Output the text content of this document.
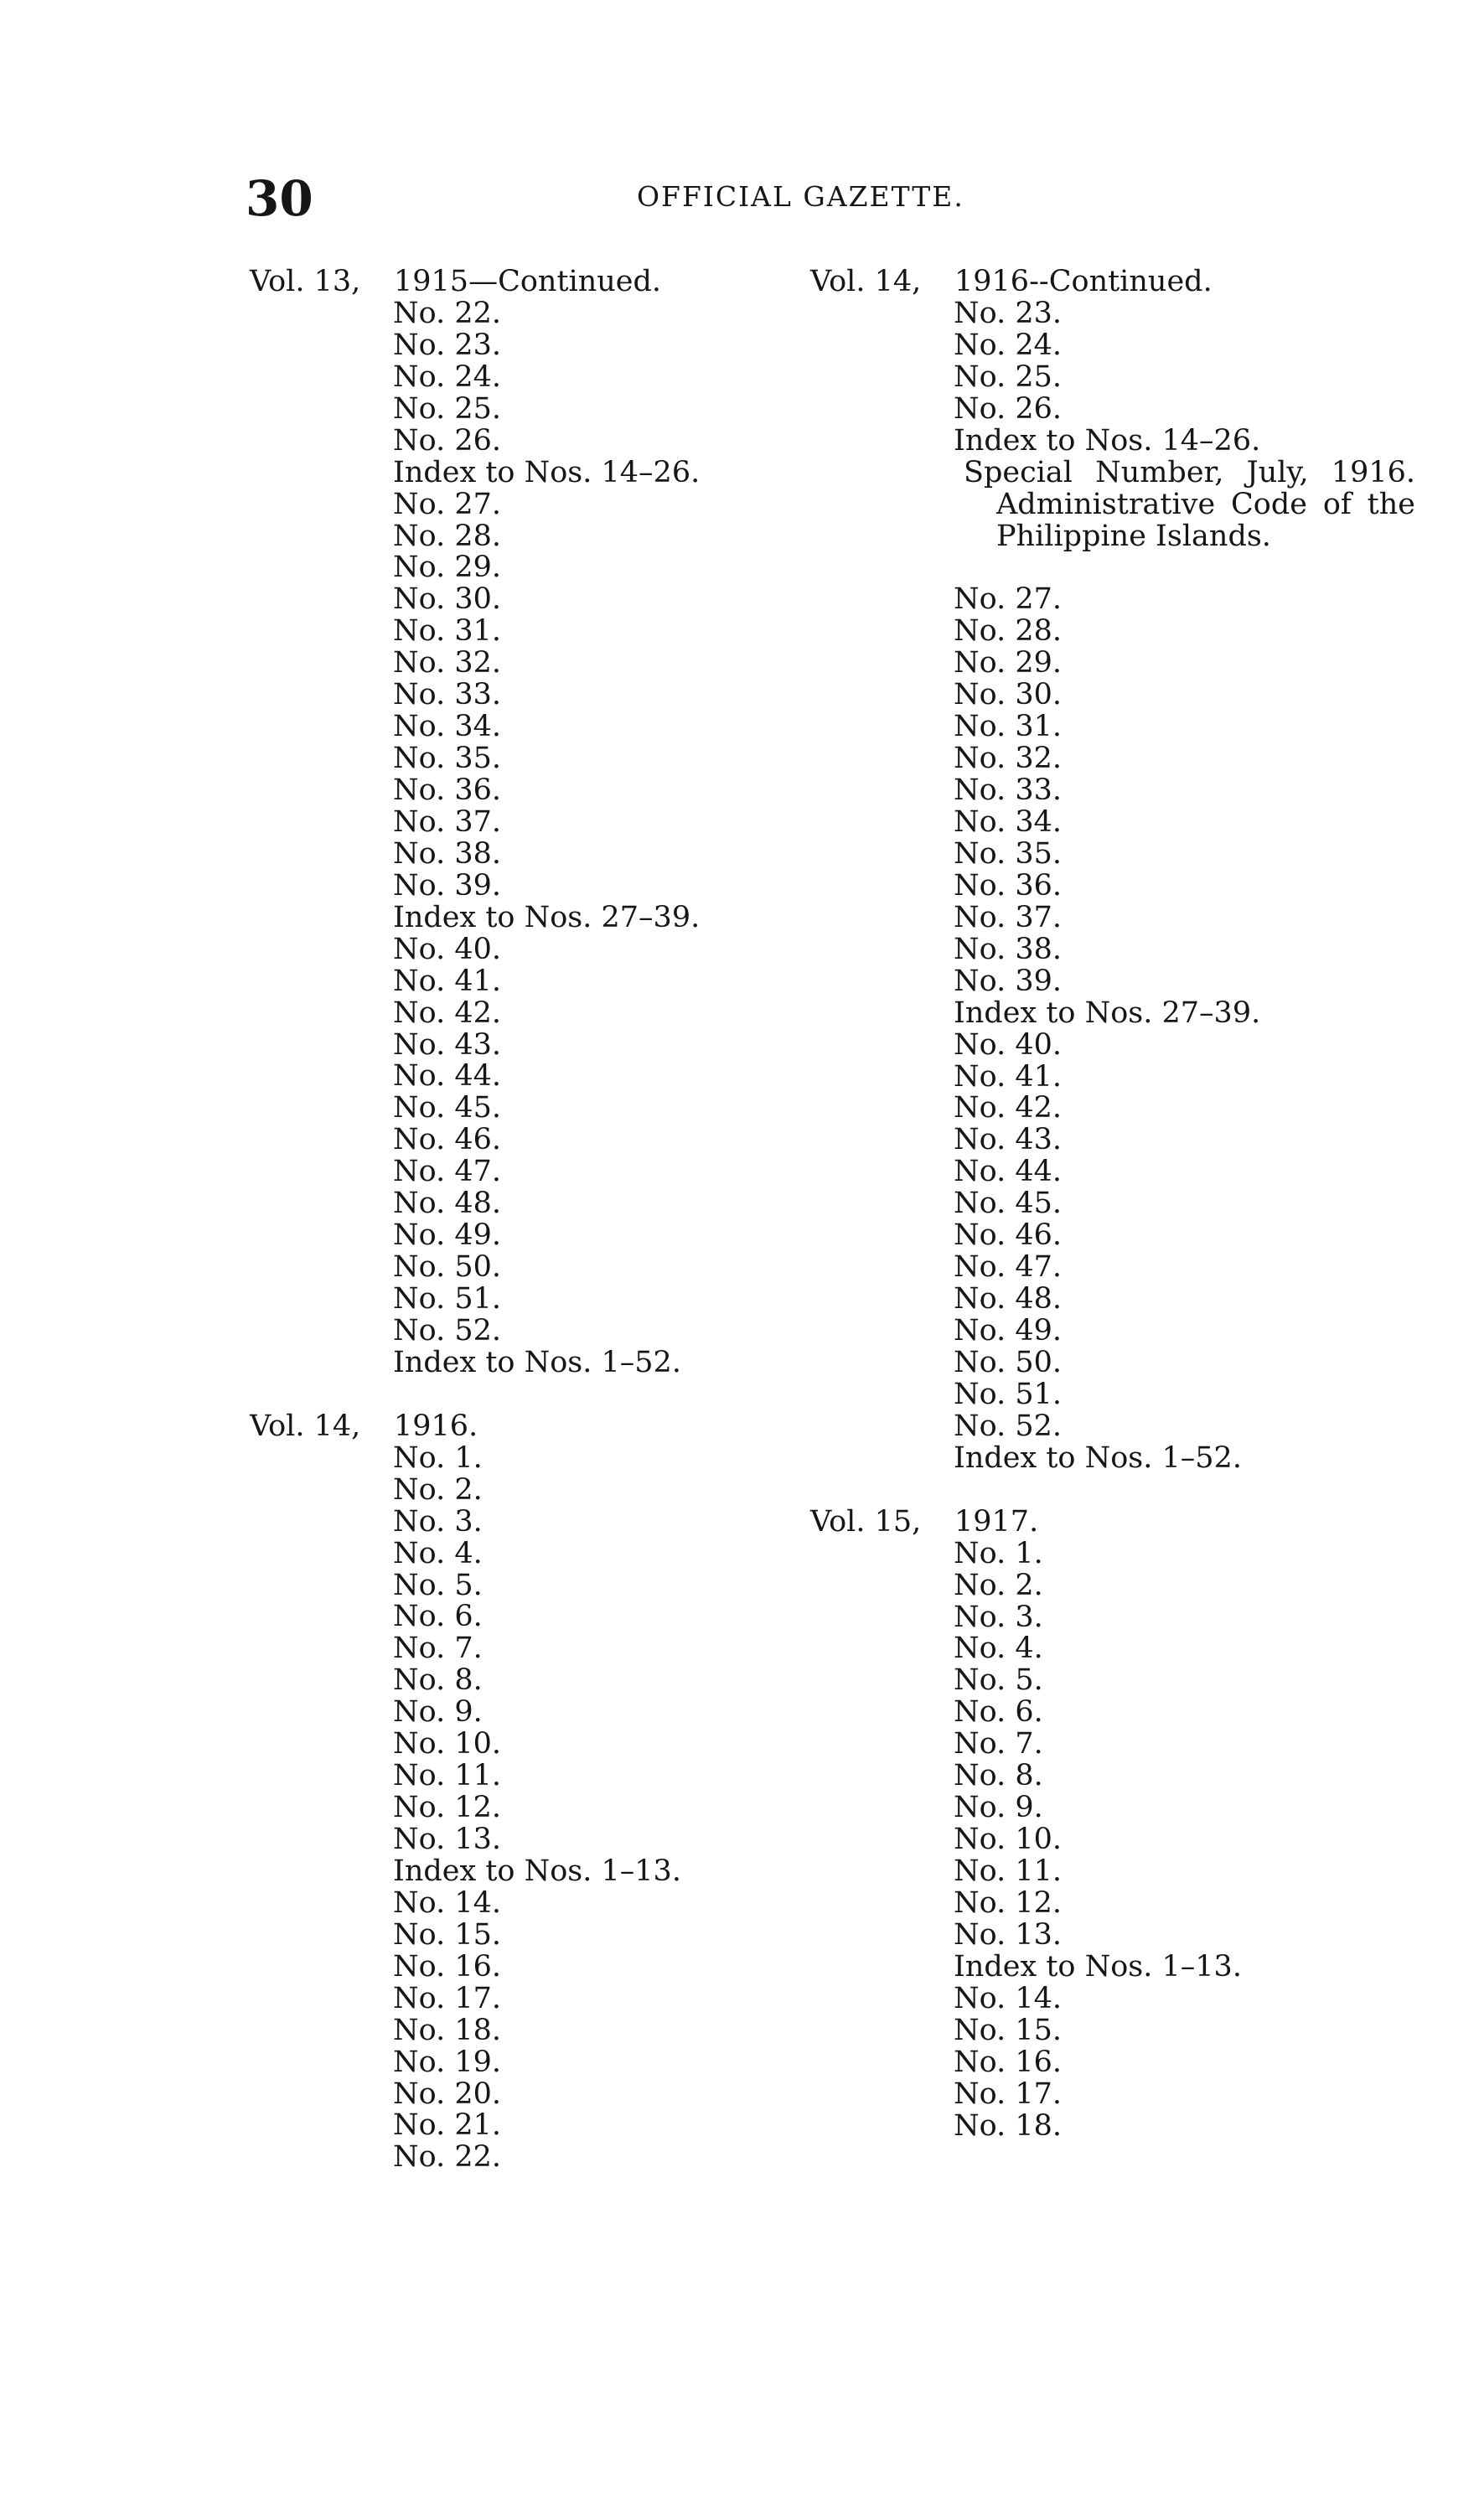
30	OFFICIAL GAZETTE.
Vol. 13, 1915—Continued.
No. 22.
No. 23.
No. 24.
No. 25.
No. 26.
Index to Nos. 14–26.
No. 27.
No. 28.
No. 29.
No. 30.
No. 31.
No. 32.
No. 33.
No. 34.
No. 35.
No. 36.
No. 37.
No. 38.
No. 39.
Index to Nos. 27–39.
No. 40.
No. 41.
No. 42.
No. 43.
No. 44.
No. 45.
No. 46.
No. 47.
No. 48.
No. 49.
No. 50.
No. 51.
No. 52.
Index to Nos. 1–52.
Vol. 14, 1916.
No. 1.
No. 2.
No. 3.
No. 4.
No. 5.
No. 6.
No. 7.
No. 8.
No. 9.
No. 10.
No. 11.
No. 12.
No. 13.
Index to Nos. 1–13.
No. 14.
No. 15.
No. 16.
No. 17.
No. 18.
No. 19.
No. 20.
No. 21.
No. 22.
Vol. 14, 1916--Continued.
No. 23.
No. 24.
No. 25.
No. 26.
Index to Nos. 14–26.
Special Number, July, 1916. Administrative Code of the Philippine Islands.
No. 27.
No. 28.
No. 29.
No. 30.
No. 31.
No. 32.
No. 33.
No. 34.
No. 35.
No. 36.
No. 37.
No. 38.
No. 39.
Index to Nos. 27–39.
No. 40.
No. 41.
No. 42.
No. 43.
No. 44.
No. 45.
No. 46.
No. 47.
No. 48.
No. 49.
No. 50.
No. 51.
No. 52.
Index to Nos. 1–52.
Vol. 15, 1917.
No. 1.
No. 2.
No. 3.
No. 4.
No. 5.
No. 6.
No. 7.
No. 8.
No. 9.
No. 10.
No. 11.
No. 12.
No. 13.
Index to Nos. 1–13.
No. 14.
No. 15.
No. 16.
No. 17.
No. 18.
